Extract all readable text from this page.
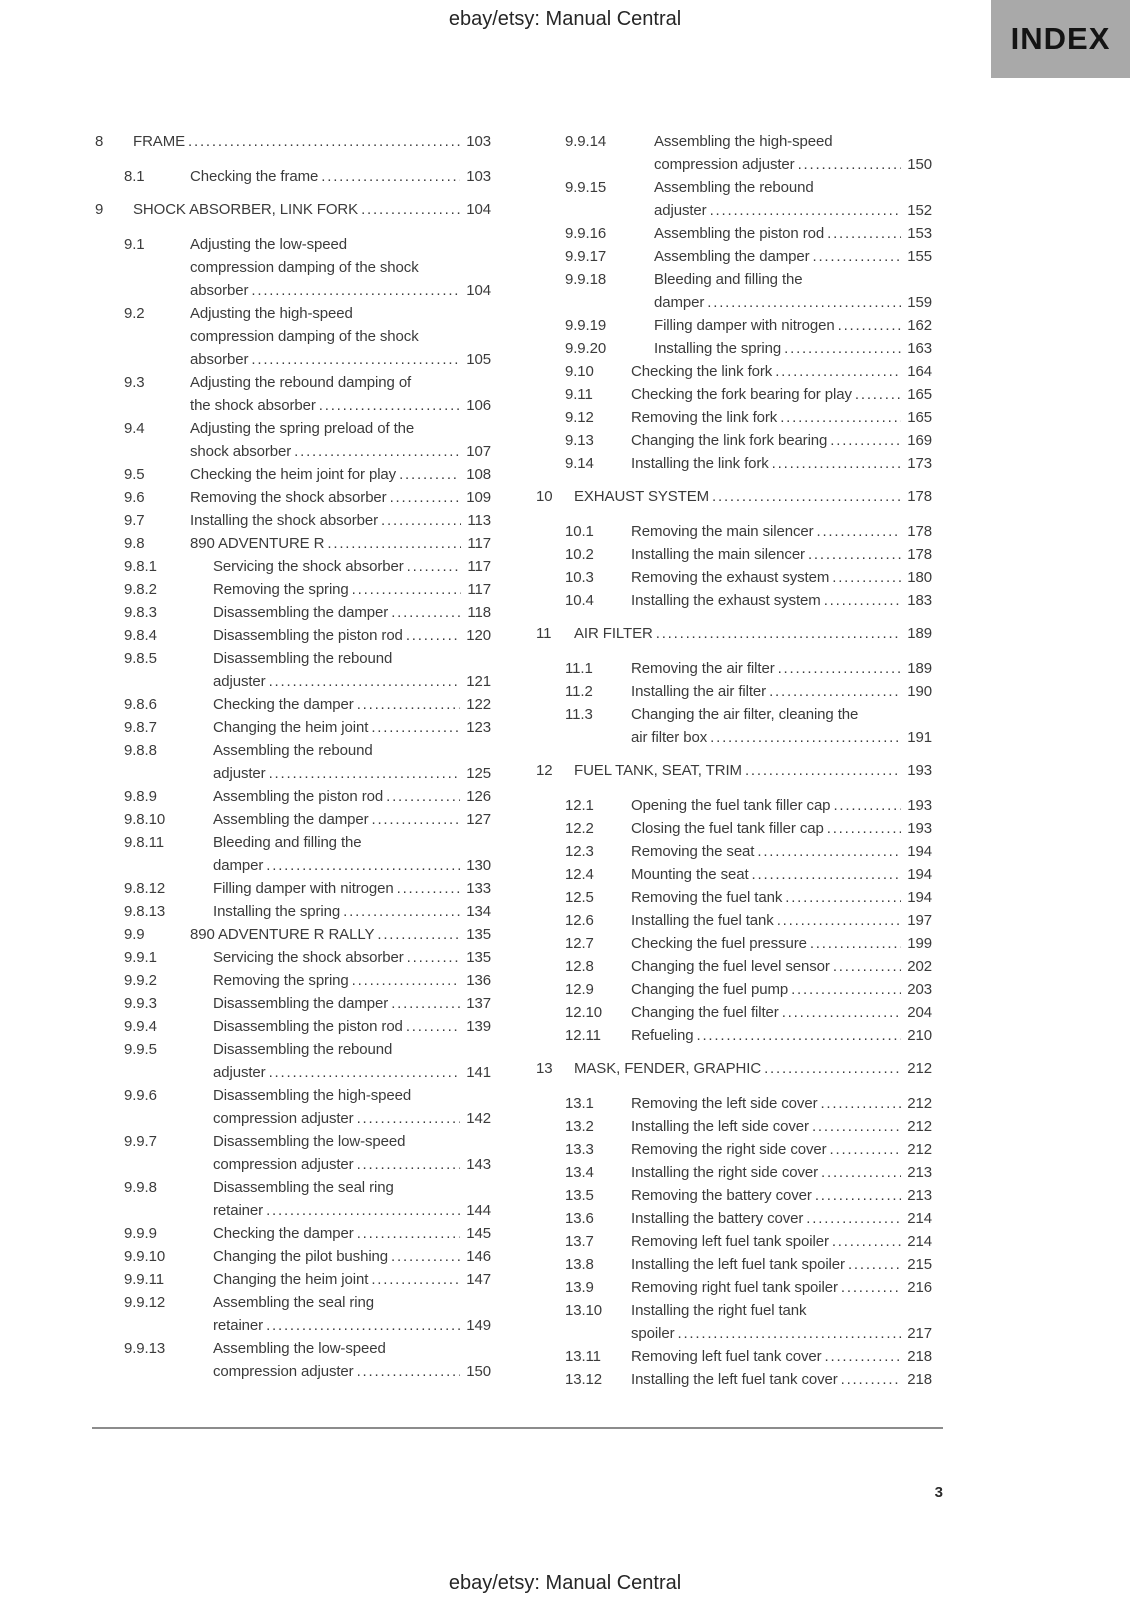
ebay/etsy: Manual Central
INDEX
8	FRAME .....	103
8.1	Checking the frame .....	103
9	SHOCK ABSORBER, LINK FORK .....	104
9.1	Adjusting the low-speed
compression damping of the shock
absorber .....	104
9.2	Adjusting the high-speed
compression damping of the shock
absorber .....	105
9.3	Adjusting the rebound damping of
the shock absorber .....	106
9.4	Adjusting the spring preload of the
shock absorber .....	107
9.5	Checking the heim joint for play .....	108
9.6	Removing the shock absorber .....	109
9.7	Installing the shock absorber .....	113
9.8	890 ADVENTURE R .....	117
9.8.1	Servicing the shock absorber .....	117
9.8.2	Removing the spring .....	117
9.8.3	Disassembling the damper .....	118
9.8.4	Disassembling the piston rod .....	120
9.8.5	Disassembling the rebound
adjuster .....	121
9.8.6	Checking the damper .....	122
9.8.7	Changing the heim joint .....	123
9.8.8	Assembling the rebound
adjuster .....	125
9.8.9	Assembling the piston rod .....	126
9.8.10	Assembling the damper .....	127
9.8.11	Bleeding and filling the
damper .....	130
9.8.12	Filling damper with nitrogen .....	133
9.8.13	Installing the spring .....	134
9.9	890 ADVENTURE R RALLY .....	135
9.9.1	Servicing the shock absorber .....	135
9.9.2	Removing the spring .....	136
9.9.3	Disassembling the damper .....	137
9.9.4	Disassembling the piston rod .....	139
9.9.5	Disassembling the rebound
adjuster .....	141
9.9.6	Disassembling the high-speed
compression adjuster .....	142
9.9.7	Disassembling the low-speed
compression adjuster .....	143
9.9.8	Disassembling the seal ring
retainer .....	144
9.9.9	Checking the damper .....	145
9.9.10	Changing the pilot bushing .....	146
9.9.11	Changing the heim joint .....	147
9.9.12	Assembling the seal ring
retainer .....	149
9.9.13	Assembling the low-speed
compression adjuster .....	150
9.9.14	Assembling the high-speed
compression adjuster .....	150
9.9.15	Assembling the rebound
adjuster .....	152
9.9.16	Assembling the piston rod .....	153
9.9.17	Assembling the damper .....	155
9.9.18	Bleeding and filling the
damper .....	159
9.9.19	Filling damper with nitrogen .....	162
9.9.20	Installing the spring .....	163
9.10	Checking the link fork .....	164
9.11	Checking the fork bearing for play .....	165
9.12	Removing the link fork .....	165
9.13	Changing the link fork bearing .....	169
9.14	Installing the link fork .....	173
10	EXHAUST SYSTEM .....	178
10.1	Removing the main silencer .....	178
10.2	Installing the main silencer .....	178
10.3	Removing the exhaust system .....	180
10.4	Installing the exhaust system .....	183
11	AIR FILTER .....	189
11.1	Removing the air filter .....	189
11.2	Installing the air filter .....	190
11.3	Changing the air filter, cleaning the
air filter box .....	191
12	FUEL TANK, SEAT, TRIM .....	193
12.1	Opening the fuel tank filler cap .....	193
12.2	Closing the fuel tank filler cap .....	193
12.3	Removing the seat .....	194
12.4	Mounting the seat .....	194
12.5	Removing the fuel tank .....	194
12.6	Installing the fuel tank .....	197
12.7	Checking the fuel pressure .....	199
12.8	Changing the fuel level sensor .....	202
12.9	Changing the fuel pump .....	203
12.10	Changing the fuel filter .....	204
12.11	Refueling .....	210
13	MASK, FENDER, GRAPHIC .....	212
13.1	Removing the left side cover .....	212
13.2	Installing the left side cover .....	212
13.3	Removing the right side cover .....	212
13.4	Installing the right side cover .....	213
13.5	Removing the battery cover .....	213
13.6	Installing the battery cover .....	214
13.7	Removing left fuel tank spoiler .....	214
13.8	Installing the left fuel tank spoiler .....	215
13.9	Removing right fuel tank spoiler .....	216
13.10	Installing the right fuel tank
spoiler .....	217
13.11	Removing left fuel tank cover .....	218
13.12	Installing the left fuel tank cover .....	218
3
ebay/etsy: Manual Central
